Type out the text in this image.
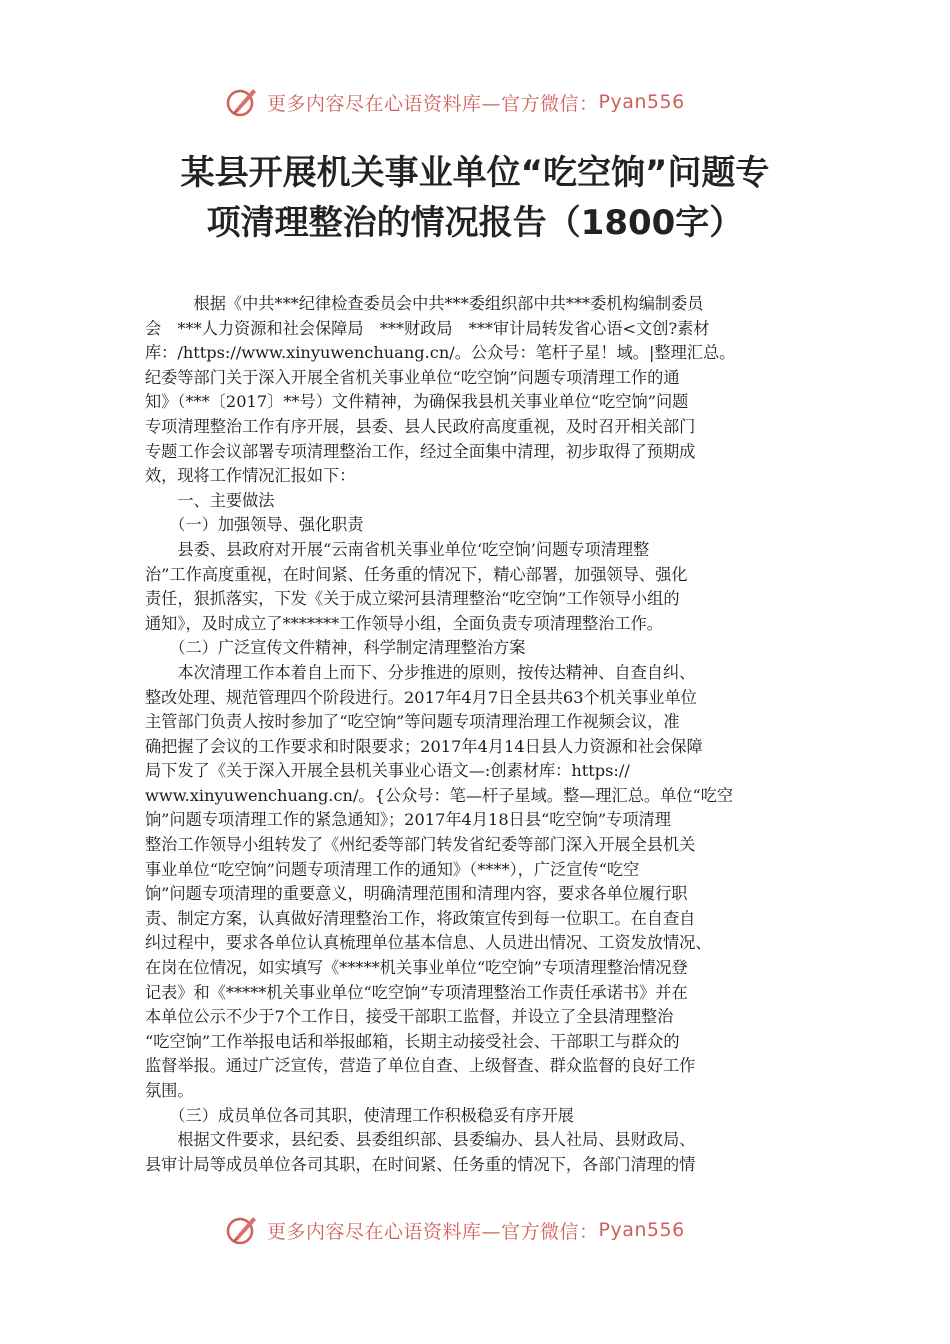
更多内容尽在心语资料库—官方微信： Pyan556
某县开展机关事业单位“吃空饷”问题专
项清理整治的情况报告（1800字）
　　　根据《中共***纪律检查委员会中共***委组织部中共***委机构编制委员
会　***人力资源和社会保障局　***财政局　***审计局转发省心语<文创?素材
库：/https://www.xinyuwenchuang.cn/。公众号：笔杆子星！域。|整理汇总。
纪委等部门关于深入开展全省机关事业单位“吃空饷”问题专项清理工作的通
知》（***〔2017〕**号）文件精神，为确保我县机关事业单位“吃空饷”问题
专项清理整治工作有序开展，县委、县人民政府高度重视，及时召开相关部门
专题工作会议部署专项清理整治工作，经过全面集中清理，初步取得了预期成
效，现将工作情况汇报如下：
　　一、主要做法
　　（一）加强领导、强化职责
　　县委、县政府对开展“云南省机关事业单位‘吃空饷’问题专项清理整
治”工作高度重视，在时间紧、任务重的情况下，精心部署，加强领导、强化
责任，狠抓落实，下发《关于成立梁河县清理整治“吃空饷”工作领导小组的
通知》，及时成立了*******工作领导小组，全面负责专项清理整治工作。
　　（二）广泛宣传文件精神，科学制定清理整治方案
　　本次清理工作本着自上而下、分步推进的原则，按传达精神、自查自纠、
整改处理、规范管理四个阶段进行。2017年4月7日全县共63个机关事业单位
主管部门负责人按时参加了“吃空饷”等问题专项清理治理工作视频会议，准
确把握了会议的工作要求和时限要求；2017年4月14日县人力资源和社会保障
局下发了《关于深入开展全县机关事业心语文—:创素材库：https://
www.xinyuwenchuang.cn/。{公众号：笔—杆子星域。整—理汇总。单位“吃空
饷”问题专项清理工作的紧急通知》；2017年4月18日县“吃空饷”专项清理
整治工作领导小组转发了《州纪委等部门转发省纪委等部门深入开展全县机关
事业单位“吃空饷”问题专项清理工作的通知》（****），广泛宣传“吃空
饷”问题专项清理的重要意义，明确清理范围和清理内容，要求各单位履行职
责、制定方案，认真做好清理整治工作，将政策宣传到每一位职工。在自查自
纠过程中，要求各单位认真梳理单位基本信息、人员进出情况、工资发放情况、
在岗在位情况，如实填写《*****机关事业单位“吃空饷”专项清理整治情况登
记表》和《*****机关事业单位“吃空饷”专项清理整治工作责任承诺书》并在
本单位公示不少于7个工作日，接受干部职工监督，并设立了全县清理整治
“吃空饷”工作举报电话和举报邮箱，长期主动接受社会、干部职工与群众的
监督举报。通过广泛宣传，营造了单位自查、上级督查、群众监督的良好工作
氛围。
　　（三）成员单位各司其职，使清理工作积极稳妥有序开展
　　根据文件要求，县纪委、县委组织部、县委编办、县人社局、县财政局、
县审计局等成员单位各司其职，在时间紧、任务重的情况下，各部门清理的情
更多内容尽在心语资料库—官方微信： Pyan556
